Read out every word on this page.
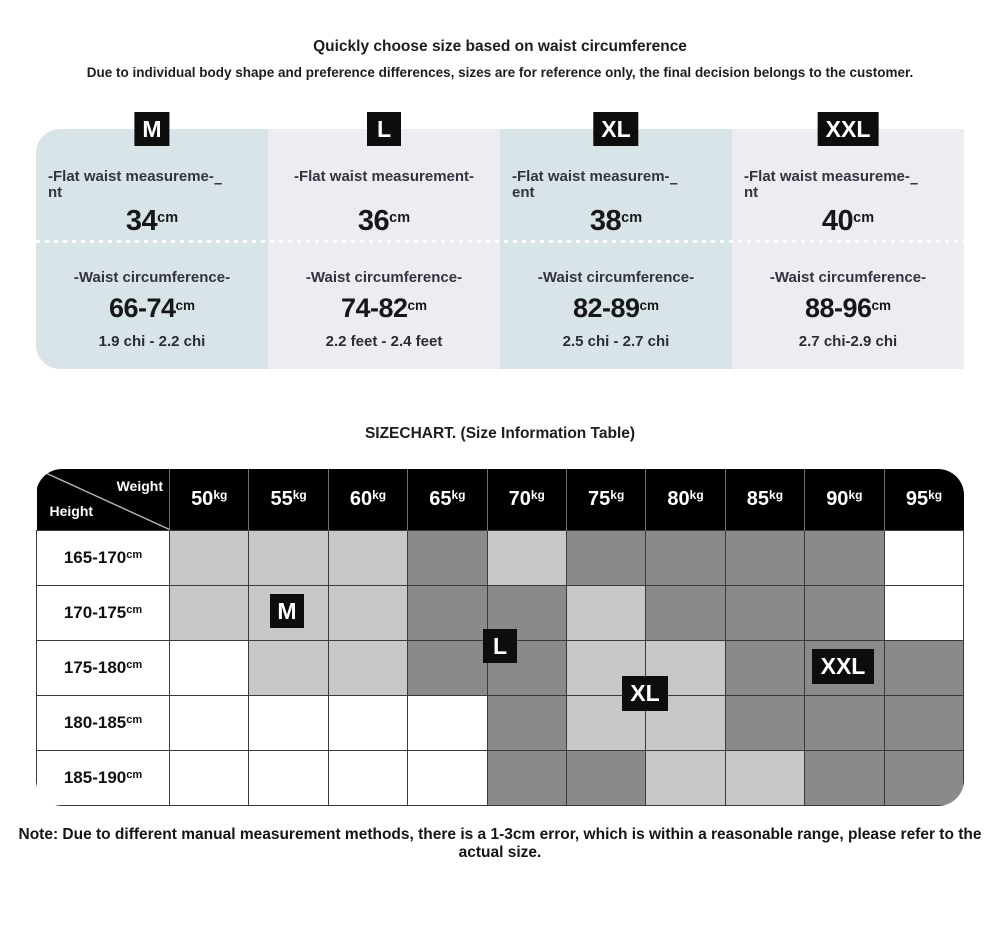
Quickly choose size based on waist circumference
Due to individual body shape and preference differences, sizes are for reference only, the final decision belongs to the customer.
M
-Flat waist measureme-–
nt
$34^{cm}$
-Waist circumference-
$66-74^{cm}$
1.9 chi - 2.2 chi
L
-Flat waist measurement-
$36^{cm}$
-Waist circumference-
$74-82^{cm}$
2.2 feet - 2.4 feet
XL
-Flat waist measurem-–
ent
$38^{cm}$
-Waist circumference-
$82-89^{cm}$
2.5 chi - 2.7 chi
XXL
-Flat waist measureme-–
nt
$40^{cm}$
-Waist circumference-
$88-96^{cm}$
2.7 chi-2.9 chi
SIZECHART. (Size Information Table)
Weight
Height	$50^{kg}$	$55^{kg}$	$60^{kg}$	$65^{kg}$	$70^{kg}$	$75^{kg}$	$80^{kg}$	$85^{kg}$	$90^{kg}$	$95^{kg}$
$165-170^{cm}$										
$170-175^{cm}$										
$175-180^{cm}$										
$180-185^{cm}$										
$185-190^{cm}$										
M
L
XL
XXL
Note: Due to different manual measurement methods, there is a 1-3cm error, which is within a reasonable range, please refer to the actual size.
